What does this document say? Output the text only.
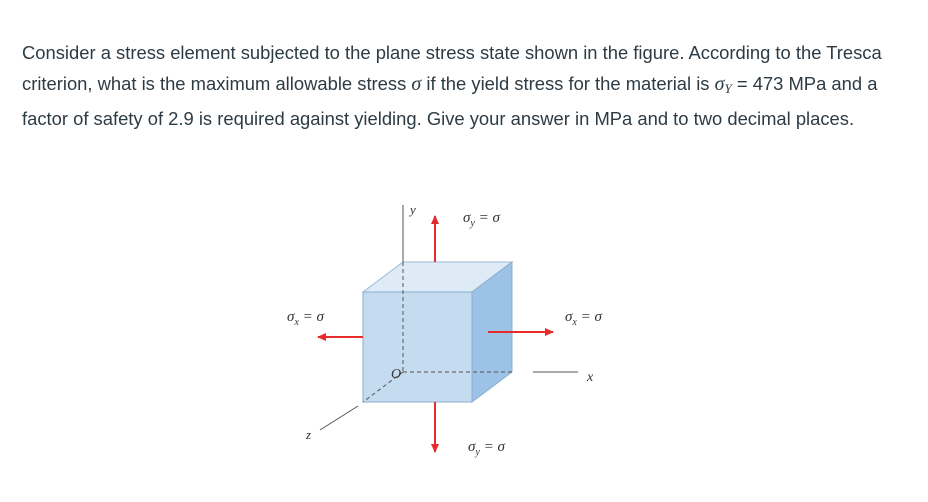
Consider a stress element subjected to the plane stress state shown in the figure. According to the Tresca criterion, what is the maximum allowable stress σ if the yield stress for the material is $\sigma_Y = 473$ MPa and a factor of safety of 2.9 is required against yielding. Give your answer in MPa and to two decimal places.

y
x
z
O
$\sigma_y = \sigma$
$\sigma_y = \sigma$
$\sigma_x = \sigma$	$\sigma_x = \sigma$
